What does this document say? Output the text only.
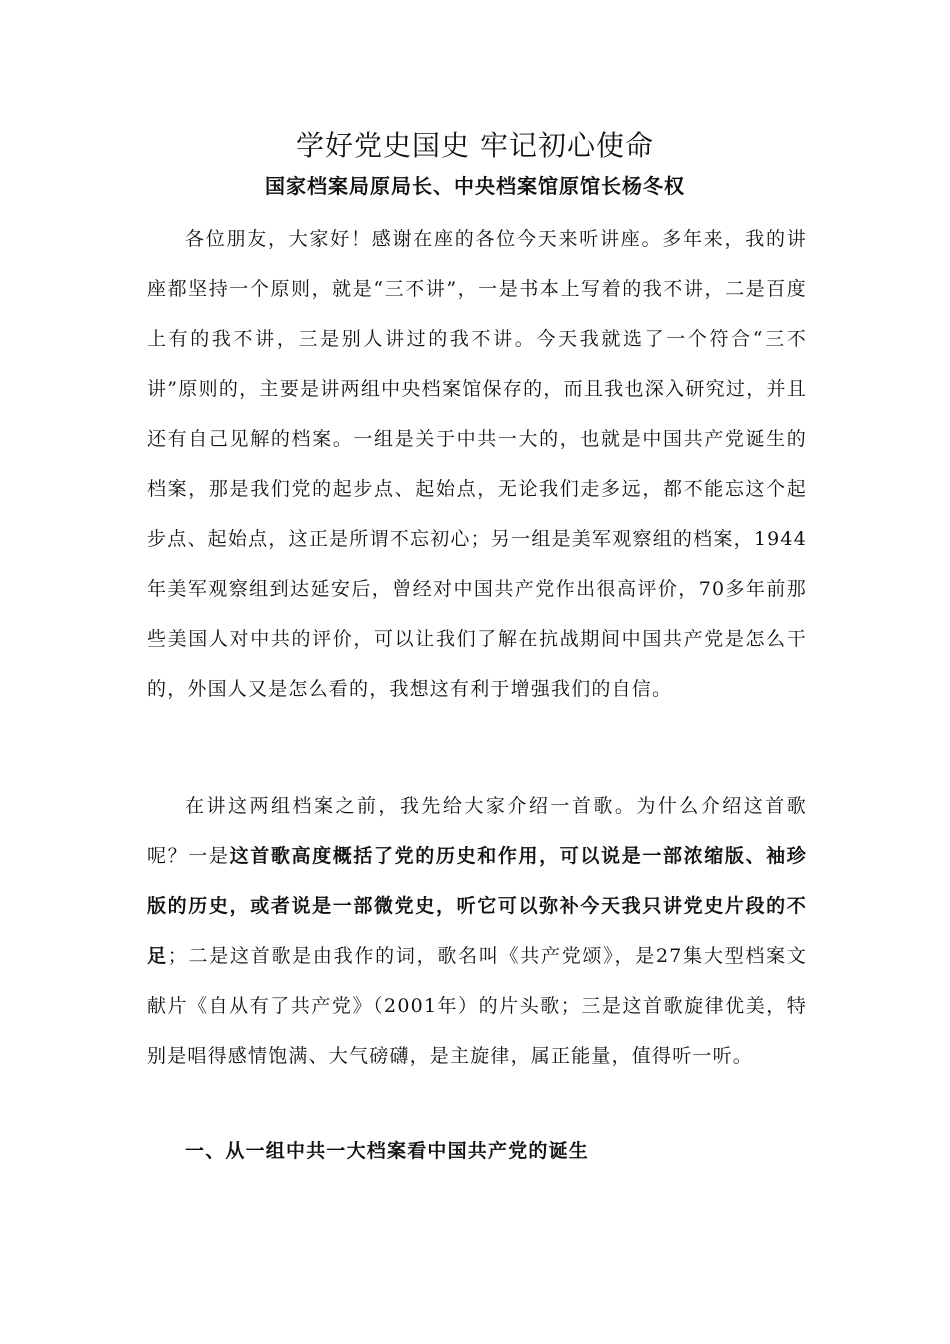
学好党史国史 牢记初心使命
国家档案局原局长、中央档案馆原馆长杨冬权

各位朋友，大家好！感谢在座的各位今天来听讲座。多年来，我的讲座都坚持一个原则，就是“三不讲”，一是书本上写着的我不讲，二是百度上有的我不讲，三是别人讲过的我不讲。今天我就选了一个符合“三不讲”原则的，主要是讲两组中央档案馆保存的，而且我也深入研究过，并且还有自己见解的档案。一组是关于中共一大的，也就是中国共产党诞生的档案，那是我们党的起步点、起始点，无论我们走多远，都不能忘这个起步点、起始点，这正是所谓不忘初心；另一组是美军观察组的档案，1944年美军观察组到达延安后，曾经对中国共产党作出很高评价，70多年前那些美国人对中共的评价，可以让我们了解在抗战期间中国共产党是怎么干的，外国人又是怎么看的，我想这有利于增强我们的自信。

在讲这两组档案之前，我先给大家介绍一首歌。为什么介绍这首歌呢？一是这首歌高度概括了党的历史和作用，可以说是一部浓缩版、袖珍版的历史，或者说是一部微党史，听它可以弥补今天我只讲党史片段的不足；二是这首歌是由我作的词，歌名叫《共产党颂》，是27集大型档案文献片《自从有了共产党》（2001年）的片头歌；三是这首歌旋律优美，特别是唱得感情饱满、大气磅礴，是主旋律，属正能量，值得听一听。

一、从一组中共一大档案看中国共产党的诞生
